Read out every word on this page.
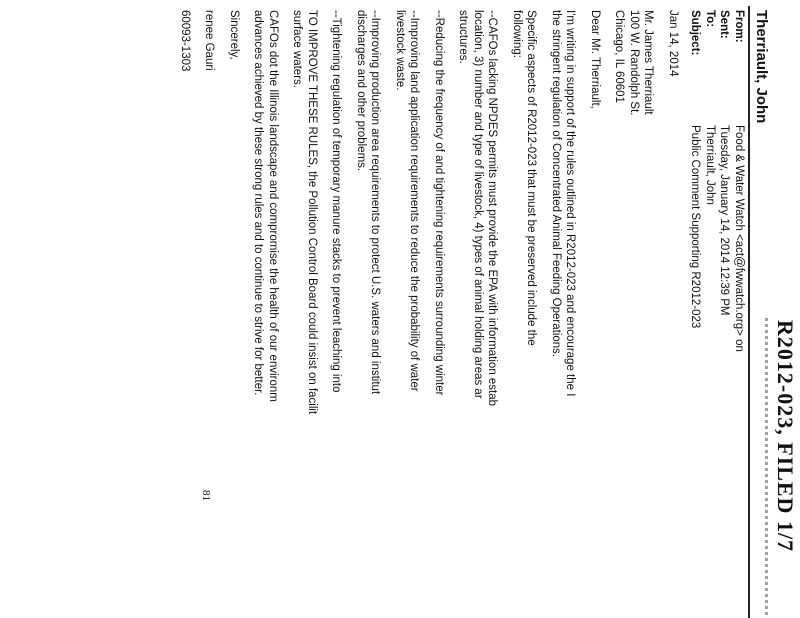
R2012-023, FILED 1/7
Therriault, John
From:
Food & Water Watch <act@fwwatch.org> on
Sent:
Tuesday, January 14, 2014 12:39 PM
To:
Therriault, John
Subject:
Public Comment Supporting R2012-023

Jan 14, 2014

Mr. James Therriault
100 W. Randolph St.
Chicago, IL 60601

Dear Mr. Therriault,

I'm writing in support of the rules outlined in R2012-023 and encourage the I
the stringent regulation of Concentrated Animal Feeding Operations.

Specific aspects of R2012-023 that must be preserved include the
following:

--CAFOs lacking NPDES permits must provide the EPA with information estab
location, 3) number and type of livestock, 4) types of animal holding areas ar
structures.

--Reducing the frequency of and tightening requirements surrounding winter

--Improving land application requirements to reduce the probability of water
livestock waste.

--Improving production area requirements to protect U.S. waters and institut
discharges and other problems.

--Tightening regulation of temporary manure stacks to prevent leaching into

TO IMPROVE THESE RULES, the Pollution Control Board could insist on facilit
surface waters.

CAFOs dot the Illinois landscape and compromise the health of our environm
advances achieved by these strong rules and to continue to strive for better.

Sincerely,

renee Gauri

60093-1303

81
